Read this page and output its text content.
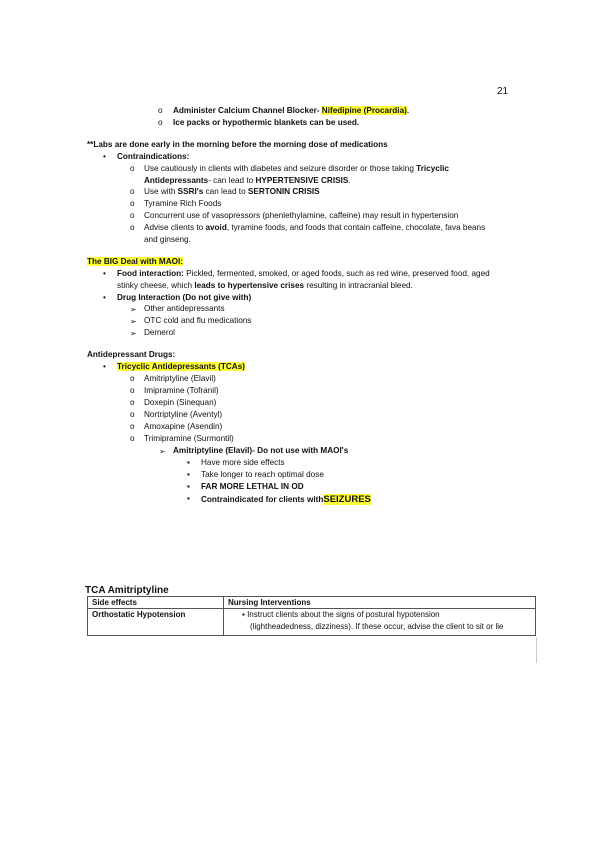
21
o Administer Calcium Channel Blocker- Nifedipine (Procardia).
o Ice packs or hypothermic blankets can be used.
**Labs are done early in the morning before the morning dose of medications
• Contraindications:
o Use cautiously in clients with diabetes and seizure disorder or those taking Tricyclic
Antidepressants- can lead to HYPERTENSIVE CRISIS.
o Use with SSRI's can lead to SERTONIN CRISIS
o Tyramine Rich Foods
o Concurrent use of vasopressors (phenlethylamine, caffeine) may result in hypertension
o Advise clients to avoid, tyramine foods, and foods that contain caffeine, chocolate, fava beans
and ginseng.
The BIG Deal with MAOI:
• Food interaction: Pickled, fermented, smoked, or aged foods, such as red wine, preserved food, aged
stinky cheese, which leads to hypertensive crises resulting in intracranial bleed.
• Drug Interaction (Do not give with)
➢ Other antidepressants
➢ OTC cold and flu medications
➢ Demerol
Antidepressant Drugs:
• Tricyclic Antidepressants (TCAs)
o Amitriptyline (Elavil)
o Imipramine (Tofranil)
o Doxepin (Sinequan)
o Nortriptyline (Aventyl)
o Amoxapine (Asendin)
o Trimipramine (Surmontil)
➢ Amitriptyline (Elavil)- Do not use with MAOI's
▪ Have more side effects
▪ Take longer to reach optimal dose
▪ FAR MORE LETHAL IN OD
▪ Contraindicated for clients withSEIZURES
TCA Amitriptyline
Side effects	Nursing Interventions
Orthostatic Hypotension	▪ Instruct clients about the signs of postural hypotension
(lightheadedness, dizziness). If these occur, advise the client to sit or lie
